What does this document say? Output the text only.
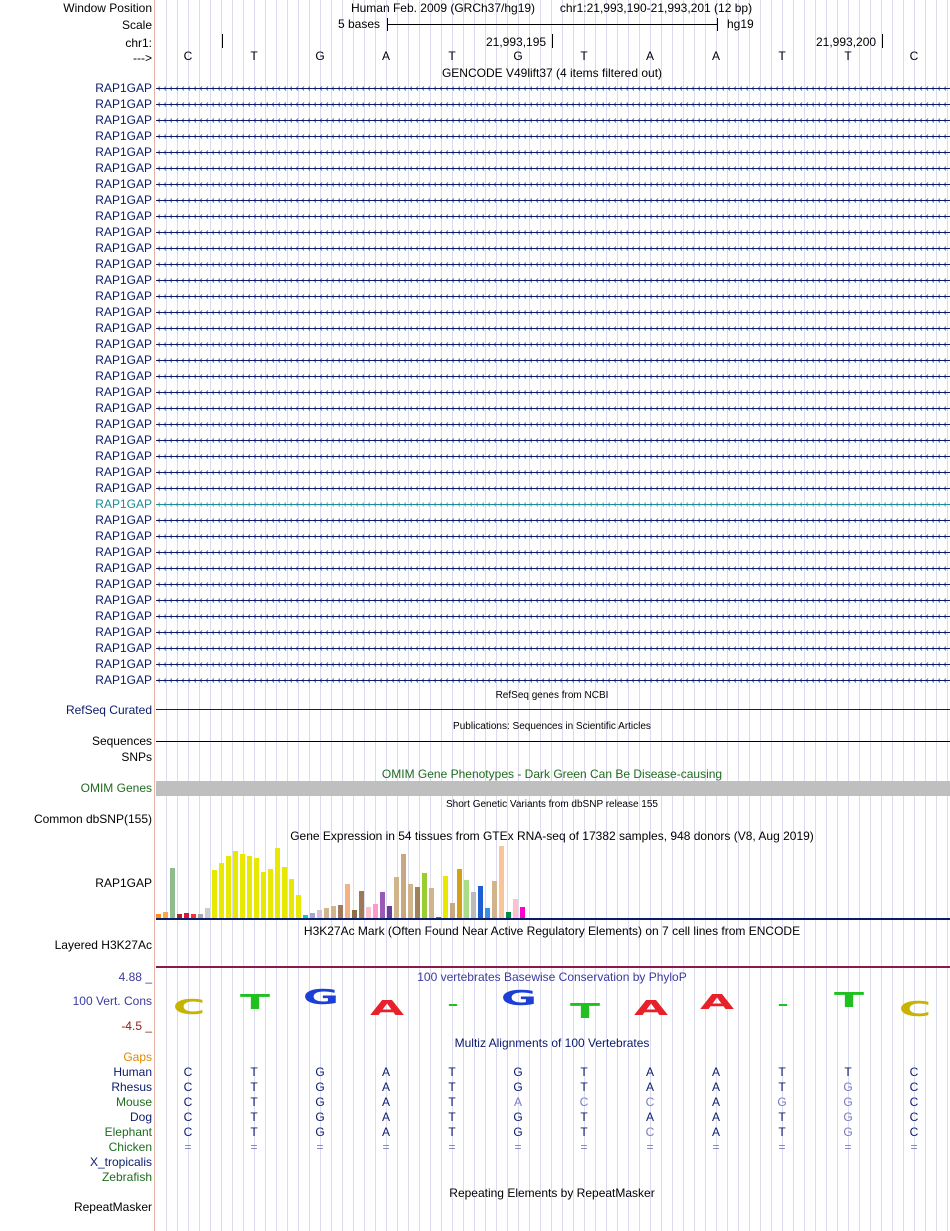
Window Position
Scale
chr1:
--->
Human Feb. 2009 (GRCh37/hg19) chr1:21,993,190-21,993,201 (12 bp)
5 bases	hg19
21,993,195	21,993,200
C	T	G	A	T	G	T	A	A	T	T	C
GENCODE V49lift37 (4 items filtered out)
RAP1GAP ‹ ‹ ‹ ‹ ‹ ‹ ‹ ‹ ‹ ‹ ‹ ‹ ‹ ‹ ‹ ‹ ‹ ‹ ‹ ‹ ‹ ‹ ‹ ‹ ‹ ‹ ‹ ‹ ‹ ‹ ‹ ‹ ‹ ‹ ‹ ‹ ‹ ‹ ‹ ‹ ‹ ‹ ‹ ‹ ‹ ‹ ‹ ‹ ‹ ‹ ‹ ‹ ‹ ‹ ‹ ‹ ‹ ‹ ‹ ‹ ‹ ‹ ‹ ‹ ‹ ‹ ‹ ‹ ‹ ‹ ‹ ‹ ‹ ‹ ‹ ‹ ‹ ‹ ‹ ‹ ‹ ‹ ‹ ‹ ‹ ‹ ‹ ‹ ‹ ‹ ‹ ‹ ‹ ‹ ‹ ‹ ‹ ‹ ‹ ‹ ‹ ‹ ‹ ‹ ‹ ‹ ‹ ‹ ‹ ‹ ‹ ‹ ‹ ‹ ‹ ‹ ‹ ‹ ‹ ‹ ‹ ‹ ‹ ‹ ‹ ‹ ‹ ‹ ‹ ‹ ‹ ‹
RAP1GAP ‹ ‹ ‹ ‹ ‹ ‹ ‹ ‹ ‹ ‹ ‹ ‹ ‹ ‹ ‹ ‹ ‹ ‹ ‹ ‹ ‹ ‹ ‹ ‹ ‹ ‹ ‹ ‹ ‹ ‹ ‹ ‹ ‹ ‹ ‹ ‹ ‹ ‹ ‹ ‹ ‹ ‹ ‹ ‹ ‹ ‹ ‹ ‹ ‹ ‹ ‹ ‹ ‹ ‹ ‹ ‹ ‹ ‹ ‹ ‹ ‹ ‹ ‹ ‹ ‹ ‹ ‹ ‹ ‹ ‹ ‹ ‹ ‹ ‹ ‹ ‹ ‹ ‹ ‹ ‹ ‹ ‹ ‹ ‹ ‹ ‹ ‹ ‹ ‹ ‹ ‹ ‹ ‹ ‹ ‹ ‹ ‹ ‹ ‹ ‹ ‹ ‹ ‹ ‹ ‹ ‹ ‹ ‹ ‹ ‹ ‹ ‹ ‹ ‹ ‹ ‹ ‹ ‹ ‹ ‹ ‹ ‹ ‹ ‹ ‹ ‹ ‹ ‹ ‹ ‹ ‹ ‹
RAP1GAP ‹ ‹ ‹ ‹ ‹ ‹ ‹ ‹ ‹ ‹ ‹ ‹ ‹ ‹ ‹ ‹ ‹ ‹ ‹ ‹ ‹ ‹ ‹ ‹ ‹ ‹ ‹ ‹ ‹ ‹ ‹ ‹ ‹ ‹ ‹ ‹ ‹ ‹ ‹ ‹ ‹ ‹ ‹ ‹ ‹ ‹ ‹ ‹ ‹ ‹ ‹ ‹ ‹ ‹ ‹ ‹ ‹ ‹ ‹ ‹ ‹ ‹ ‹ ‹ ‹ ‹ ‹ ‹ ‹ ‹ ‹ ‹ ‹ ‹ ‹ ‹ ‹ ‹ ‹ ‹ ‹ ‹ ‹ ‹ ‹ ‹ ‹ ‹ ‹ ‹ ‹ ‹ ‹ ‹ ‹ ‹ ‹ ‹ ‹ ‹ ‹ ‹ ‹ ‹ ‹ ‹ ‹ ‹ ‹ ‹ ‹ ‹ ‹ ‹ ‹ ‹ ‹ ‹ ‹ ‹ ‹ ‹ ‹ ‹ ‹ ‹ ‹ ‹ ‹ ‹ ‹ ‹
RAP1GAP ‹ ‹ ‹ ‹ ‹ ‹ ‹ ‹ ‹ ‹ ‹ ‹ ‹ ‹ ‹ ‹ ‹ ‹ ‹ ‹ ‹ ‹ ‹ ‹ ‹ ‹ ‹ ‹ ‹ ‹ ‹ ‹ ‹ ‹ ‹ ‹ ‹ ‹ ‹ ‹ ‹ ‹ ‹ ‹ ‹ ‹ ‹ ‹ ‹ ‹ ‹ ‹ ‹ ‹ ‹ ‹ ‹ ‹ ‹ ‹ ‹ ‹ ‹ ‹ ‹ ‹ ‹ ‹ ‹ ‹ ‹ ‹ ‹ ‹ ‹ ‹ ‹ ‹ ‹ ‹ ‹ ‹ ‹ ‹ ‹ ‹ ‹ ‹ ‹ ‹ ‹ ‹ ‹ ‹ ‹ ‹ ‹ ‹ ‹ ‹ ‹ ‹ ‹ ‹ ‹ ‹ ‹ ‹ ‹ ‹ ‹ ‹ ‹ ‹ ‹ ‹ ‹ ‹ ‹ ‹ ‹ ‹ ‹ ‹ ‹ ‹ ‹ ‹ ‹ ‹ ‹ ‹
RAP1GAP ‹ ‹ ‹ ‹ ‹ ‹ ‹ ‹ ‹ ‹ ‹ ‹ ‹ ‹ ‹ ‹ ‹ ‹ ‹ ‹ ‹ ‹ ‹ ‹ ‹ ‹ ‹ ‹ ‹ ‹ ‹ ‹ ‹ ‹ ‹ ‹ ‹ ‹ ‹ ‹ ‹ ‹ ‹ ‹ ‹ ‹ ‹ ‹ ‹ ‹ ‹ ‹ ‹ ‹ ‹ ‹ ‹ ‹ ‹ ‹ ‹ ‹ ‹ ‹ ‹ ‹ ‹ ‹ ‹ ‹ ‹ ‹ ‹ ‹ ‹ ‹ ‹ ‹ ‹ ‹ ‹ ‹ ‹ ‹ ‹ ‹ ‹ ‹ ‹ ‹ ‹ ‹ ‹ ‹ ‹ ‹ ‹ ‹ ‹ ‹ ‹ ‹ ‹ ‹ ‹ ‹ ‹ ‹ ‹ ‹ ‹ ‹ ‹ ‹ ‹ ‹ ‹ ‹ ‹ ‹ ‹ ‹ ‹ ‹ ‹ ‹ ‹ ‹ ‹ ‹ ‹ ‹
RAP1GAP ‹ ‹ ‹ ‹ ‹ ‹ ‹ ‹ ‹ ‹ ‹ ‹ ‹ ‹ ‹ ‹ ‹ ‹ ‹ ‹ ‹ ‹ ‹ ‹ ‹ ‹ ‹ ‹ ‹ ‹ ‹ ‹ ‹ ‹ ‹ ‹ ‹ ‹ ‹ ‹ ‹ ‹ ‹ ‹ ‹ ‹ ‹ ‹ ‹ ‹ ‹ ‹ ‹ ‹ ‹ ‹ ‹ ‹ ‹ ‹ ‹ ‹ ‹ ‹ ‹ ‹ ‹ ‹ ‹ ‹ ‹ ‹ ‹ ‹ ‹ ‹ ‹ ‹ ‹ ‹ ‹ ‹ ‹ ‹ ‹ ‹ ‹ ‹ ‹ ‹ ‹ ‹ ‹ ‹ ‹ ‹ ‹ ‹ ‹ ‹ ‹ ‹ ‹ ‹ ‹ ‹ ‹ ‹ ‹ ‹ ‹ ‹ ‹ ‹ ‹ ‹ ‹ ‹ ‹ ‹ ‹ ‹ ‹ ‹ ‹ ‹ ‹ ‹ ‹ ‹ ‹ ‹
RAP1GAP ‹ ‹ ‹ ‹ ‹ ‹ ‹ ‹ ‹ ‹ ‹ ‹ ‹ ‹ ‹ ‹ ‹ ‹ ‹ ‹ ‹ ‹ ‹ ‹ ‹ ‹ ‹ ‹ ‹ ‹ ‹ ‹ ‹ ‹ ‹ ‹ ‹ ‹ ‹ ‹ ‹ ‹ ‹ ‹ ‹ ‹ ‹ ‹ ‹ ‹ ‹ ‹ ‹ ‹ ‹ ‹ ‹ ‹ ‹ ‹ ‹ ‹ ‹ ‹ ‹ ‹ ‹ ‹ ‹ ‹ ‹ ‹ ‹ ‹ ‹ ‹ ‹ ‹ ‹ ‹ ‹ ‹ ‹ ‹ ‹ ‹ ‹ ‹ ‹ ‹ ‹ ‹ ‹ ‹ ‹ ‹ ‹ ‹ ‹ ‹ ‹ ‹ ‹ ‹ ‹ ‹ ‹ ‹ ‹ ‹ ‹ ‹ ‹ ‹ ‹ ‹ ‹ ‹ ‹ ‹ ‹ ‹ ‹ ‹ ‹ ‹ ‹ ‹ ‹ ‹ ‹ ‹
RAP1GAP ‹ ‹ ‹ ‹ ‹ ‹ ‹ ‹ ‹ ‹ ‹ ‹ ‹ ‹ ‹ ‹ ‹ ‹ ‹ ‹ ‹ ‹ ‹ ‹ ‹ ‹ ‹ ‹ ‹ ‹ ‹ ‹ ‹ ‹ ‹ ‹ ‹ ‹ ‹ ‹ ‹ ‹ ‹ ‹ ‹ ‹ ‹ ‹ ‹ ‹ ‹ ‹ ‹ ‹ ‹ ‹ ‹ ‹ ‹ ‹ ‹ ‹ ‹ ‹ ‹ ‹ ‹ ‹ ‹ ‹ ‹ ‹ ‹ ‹ ‹ ‹ ‹ ‹ ‹ ‹ ‹ ‹ ‹ ‹ ‹ ‹ ‹ ‹ ‹ ‹ ‹ ‹ ‹ ‹ ‹ ‹ ‹ ‹ ‹ ‹ ‹ ‹ ‹ ‹ ‹ ‹ ‹ ‹ ‹ ‹ ‹ ‹ ‹ ‹ ‹ ‹ ‹ ‹ ‹ ‹ ‹ ‹ ‹ ‹ ‹ ‹ ‹ ‹ ‹ ‹ ‹ ‹
RAP1GAP ‹ ‹ ‹ ‹ ‹ ‹ ‹ ‹ ‹ ‹ ‹ ‹ ‹ ‹ ‹ ‹ ‹ ‹ ‹ ‹ ‹ ‹ ‹ ‹ ‹ ‹ ‹ ‹ ‹ ‹ ‹ ‹ ‹ ‹ ‹ ‹ ‹ ‹ ‹ ‹ ‹ ‹ ‹ ‹ ‹ ‹ ‹ ‹ ‹ ‹ ‹ ‹ ‹ ‹ ‹ ‹ ‹ ‹ ‹ ‹ ‹ ‹ ‹ ‹ ‹ ‹ ‹ ‹ ‹ ‹ ‹ ‹ ‹ ‹ ‹ ‹ ‹ ‹ ‹ ‹ ‹ ‹ ‹ ‹ ‹ ‹ ‹ ‹ ‹ ‹ ‹ ‹ ‹ ‹ ‹ ‹ ‹ ‹ ‹ ‹ ‹ ‹ ‹ ‹ ‹ ‹ ‹ ‹ ‹ ‹ ‹ ‹ ‹ ‹ ‹ ‹ ‹ ‹ ‹ ‹ ‹ ‹ ‹ ‹ ‹ ‹ ‹ ‹ ‹ ‹ ‹ ‹
RAP1GAP ‹ ‹ ‹ ‹ ‹ ‹ ‹ ‹ ‹ ‹ ‹ ‹ ‹ ‹ ‹ ‹ ‹ ‹ ‹ ‹ ‹ ‹ ‹ ‹ ‹ ‹ ‹ ‹ ‹ ‹ ‹ ‹ ‹ ‹ ‹ ‹ ‹ ‹ ‹ ‹ ‹ ‹ ‹ ‹ ‹ ‹ ‹ ‹ ‹ ‹ ‹ ‹ ‹ ‹ ‹ ‹ ‹ ‹ ‹ ‹ ‹ ‹ ‹ ‹ ‹ ‹ ‹ ‹ ‹ ‹ ‹ ‹ ‹ ‹ ‹ ‹ ‹ ‹ ‹ ‹ ‹ ‹ ‹ ‹ ‹ ‹ ‹ ‹ ‹ ‹ ‹ ‹ ‹ ‹ ‹ ‹ ‹ ‹ ‹ ‹ ‹ ‹ ‹ ‹ ‹ ‹ ‹ ‹ ‹ ‹ ‹ ‹ ‹ ‹ ‹ ‹ ‹ ‹ ‹ ‹ ‹ ‹ ‹ ‹ ‹ ‹ ‹ ‹ ‹ ‹ ‹ ‹
RAP1GAP ‹ ‹ ‹ ‹ ‹ ‹ ‹ ‹ ‹ ‹ ‹ ‹ ‹ ‹ ‹ ‹ ‹ ‹ ‹ ‹ ‹ ‹ ‹ ‹ ‹ ‹ ‹ ‹ ‹ ‹ ‹ ‹ ‹ ‹ ‹ ‹ ‹ ‹ ‹ ‹ ‹ ‹ ‹ ‹ ‹ ‹ ‹ ‹ ‹ ‹ ‹ ‹ ‹ ‹ ‹ ‹ ‹ ‹ ‹ ‹ ‹ ‹ ‹ ‹ ‹ ‹ ‹ ‹ ‹ ‹ ‹ ‹ ‹ ‹ ‹ ‹ ‹ ‹ ‹ ‹ ‹ ‹ ‹ ‹ ‹ ‹ ‹ ‹ ‹ ‹ ‹ ‹ ‹ ‹ ‹ ‹ ‹ ‹ ‹ ‹ ‹ ‹ ‹ ‹ ‹ ‹ ‹ ‹ ‹ ‹ ‹ ‹ ‹ ‹ ‹ ‹ ‹ ‹ ‹ ‹ ‹ ‹ ‹ ‹ ‹ ‹ ‹ ‹ ‹ ‹ ‹ ‹
RAP1GAP ‹ ‹ ‹ ‹ ‹ ‹ ‹ ‹ ‹ ‹ ‹ ‹ ‹ ‹ ‹ ‹ ‹ ‹ ‹ ‹ ‹ ‹ ‹ ‹ ‹ ‹ ‹ ‹ ‹ ‹ ‹ ‹ ‹ ‹ ‹ ‹ ‹ ‹ ‹ ‹ ‹ ‹ ‹ ‹ ‹ ‹ ‹ ‹ ‹ ‹ ‹ ‹ ‹ ‹ ‹ ‹ ‹ ‹ ‹ ‹ ‹ ‹ ‹ ‹ ‹ ‹ ‹ ‹ ‹ ‹ ‹ ‹ ‹ ‹ ‹ ‹ ‹ ‹ ‹ ‹ ‹ ‹ ‹ ‹ ‹ ‹ ‹ ‹ ‹ ‹ ‹ ‹ ‹ ‹ ‹ ‹ ‹ ‹ ‹ ‹ ‹ ‹ ‹ ‹ ‹ ‹ ‹ ‹ ‹ ‹ ‹ ‹ ‹ ‹ ‹ ‹ ‹ ‹ ‹ ‹ ‹ ‹ ‹ ‹ ‹ ‹ ‹ ‹ ‹ ‹ ‹ ‹
RAP1GAP ‹ ‹ ‹ ‹ ‹ ‹ ‹ ‹ ‹ ‹ ‹ ‹ ‹ ‹ ‹ ‹ ‹ ‹ ‹ ‹ ‹ ‹ ‹ ‹ ‹ ‹ ‹ ‹ ‹ ‹ ‹ ‹ ‹ ‹ ‹ ‹ ‹ ‹ ‹ ‹ ‹ ‹ ‹ ‹ ‹ ‹ ‹ ‹ ‹ ‹ ‹ ‹ ‹ ‹ ‹ ‹ ‹ ‹ ‹ ‹ ‹ ‹ ‹ ‹ ‹ ‹ ‹ ‹ ‹ ‹ ‹ ‹ ‹ ‹ ‹ ‹ ‹ ‹ ‹ ‹ ‹ ‹ ‹ ‹ ‹ ‹ ‹ ‹ ‹ ‹ ‹ ‹ ‹ ‹ ‹ ‹ ‹ ‹ ‹ ‹ ‹ ‹ ‹ ‹ ‹ ‹ ‹ ‹ ‹ ‹ ‹ ‹ ‹ ‹ ‹ ‹ ‹ ‹ ‹ ‹ ‹ ‹ ‹ ‹ ‹ ‹ ‹ ‹ ‹ ‹ ‹ ‹
RAP1GAP ‹ ‹ ‹ ‹ ‹ ‹ ‹ ‹ ‹ ‹ ‹ ‹ ‹ ‹ ‹ ‹ ‹ ‹ ‹ ‹ ‹ ‹ ‹ ‹ ‹ ‹ ‹ ‹ ‹ ‹ ‹ ‹ ‹ ‹ ‹ ‹ ‹ ‹ ‹ ‹ ‹ ‹ ‹ ‹ ‹ ‹ ‹ ‹ ‹ ‹ ‹ ‹ ‹ ‹ ‹ ‹ ‹ ‹ ‹ ‹ ‹ ‹ ‹ ‹ ‹ ‹ ‹ ‹ ‹ ‹ ‹ ‹ ‹ ‹ ‹ ‹ ‹ ‹ ‹ ‹ ‹ ‹ ‹ ‹ ‹ ‹ ‹ ‹ ‹ ‹ ‹ ‹ ‹ ‹ ‹ ‹ ‹ ‹ ‹ ‹ ‹ ‹ ‹ ‹ ‹ ‹ ‹ ‹ ‹ ‹ ‹ ‹ ‹ ‹ ‹ ‹ ‹ ‹ ‹ ‹ ‹ ‹ ‹ ‹ ‹ ‹ ‹ ‹ ‹ ‹ ‹ ‹
RAP1GAP ‹ ‹ ‹ ‹ ‹ ‹ ‹ ‹ ‹ ‹ ‹ ‹ ‹ ‹ ‹ ‹ ‹ ‹ ‹ ‹ ‹ ‹ ‹ ‹ ‹ ‹ ‹ ‹ ‹ ‹ ‹ ‹ ‹ ‹ ‹ ‹ ‹ ‹ ‹ ‹ ‹ ‹ ‹ ‹ ‹ ‹ ‹ ‹ ‹ ‹ ‹ ‹ ‹ ‹ ‹ ‹ ‹ ‹ ‹ ‹ ‹ ‹ ‹ ‹ ‹ ‹ ‹ ‹ ‹ ‹ ‹ ‹ ‹ ‹ ‹ ‹ ‹ ‹ ‹ ‹ ‹ ‹ ‹ ‹ ‹ ‹ ‹ ‹ ‹ ‹ ‹ ‹ ‹ ‹ ‹ ‹ ‹ ‹ ‹ ‹ ‹ ‹ ‹ ‹ ‹ ‹ ‹ ‹ ‹ ‹ ‹ ‹ ‹ ‹ ‹ ‹ ‹ ‹ ‹ ‹ ‹ ‹ ‹ ‹ ‹ ‹ ‹ ‹ ‹ ‹ ‹ ‹
RAP1GAP ‹ ‹ ‹ ‹ ‹ ‹ ‹ ‹ ‹ ‹ ‹ ‹ ‹ ‹ ‹ ‹ ‹ ‹ ‹ ‹ ‹ ‹ ‹ ‹ ‹ ‹ ‹ ‹ ‹ ‹ ‹ ‹ ‹ ‹ ‹ ‹ ‹ ‹ ‹ ‹ ‹ ‹ ‹ ‹ ‹ ‹ ‹ ‹ ‹ ‹ ‹ ‹ ‹ ‹ ‹ ‹ ‹ ‹ ‹ ‹ ‹ ‹ ‹ ‹ ‹ ‹ ‹ ‹ ‹ ‹ ‹ ‹ ‹ ‹ ‹ ‹ ‹ ‹ ‹ ‹ ‹ ‹ ‹ ‹ ‹ ‹ ‹ ‹ ‹ ‹ ‹ ‹ ‹ ‹ ‹ ‹ ‹ ‹ ‹ ‹ ‹ ‹ ‹ ‹ ‹ ‹ ‹ ‹ ‹ ‹ ‹ ‹ ‹ ‹ ‹ ‹ ‹ ‹ ‹ ‹ ‹ ‹ ‹ ‹ ‹ ‹ ‹ ‹ ‹ ‹ ‹ ‹
RAP1GAP ‹ ‹ ‹ ‹ ‹ ‹ ‹ ‹ ‹ ‹ ‹ ‹ ‹ ‹ ‹ ‹ ‹ ‹ ‹ ‹ ‹ ‹ ‹ ‹ ‹ ‹ ‹ ‹ ‹ ‹ ‹ ‹ ‹ ‹ ‹ ‹ ‹ ‹ ‹ ‹ ‹ ‹ ‹ ‹ ‹ ‹ ‹ ‹ ‹ ‹ ‹ ‹ ‹ ‹ ‹ ‹ ‹ ‹ ‹ ‹ ‹ ‹ ‹ ‹ ‹ ‹ ‹ ‹ ‹ ‹ ‹ ‹ ‹ ‹ ‹ ‹ ‹ ‹ ‹ ‹ ‹ ‹ ‹ ‹ ‹ ‹ ‹ ‹ ‹ ‹ ‹ ‹ ‹ ‹ ‹ ‹ ‹ ‹ ‹ ‹ ‹ ‹ ‹ ‹ ‹ ‹ ‹ ‹ ‹ ‹ ‹ ‹ ‹ ‹ ‹ ‹ ‹ ‹ ‹ ‹ ‹ ‹ ‹ ‹ ‹ ‹ ‹ ‹ ‹ ‹ ‹ ‹
RAP1GAP ‹ ‹ ‹ ‹ ‹ ‹ ‹ ‹ ‹ ‹ ‹ ‹ ‹ ‹ ‹ ‹ ‹ ‹ ‹ ‹ ‹ ‹ ‹ ‹ ‹ ‹ ‹ ‹ ‹ ‹ ‹ ‹ ‹ ‹ ‹ ‹ ‹ ‹ ‹ ‹ ‹ ‹ ‹ ‹ ‹ ‹ ‹ ‹ ‹ ‹ ‹ ‹ ‹ ‹ ‹ ‹ ‹ ‹ ‹ ‹ ‹ ‹ ‹ ‹ ‹ ‹ ‹ ‹ ‹ ‹ ‹ ‹ ‹ ‹ ‹ ‹ ‹ ‹ ‹ ‹ ‹ ‹ ‹ ‹ ‹ ‹ ‹ ‹ ‹ ‹ ‹ ‹ ‹ ‹ ‹ ‹ ‹ ‹ ‹ ‹ ‹ ‹ ‹ ‹ ‹ ‹ ‹ ‹ ‹ ‹ ‹ ‹ ‹ ‹ ‹ ‹ ‹ ‹ ‹ ‹ ‹ ‹ ‹ ‹ ‹ ‹ ‹ ‹ ‹ ‹ ‹ ‹
RAP1GAP ‹ ‹ ‹ ‹ ‹ ‹ ‹ ‹ ‹ ‹ ‹ ‹ ‹ ‹ ‹ ‹ ‹ ‹ ‹ ‹ ‹ ‹ ‹ ‹ ‹ ‹ ‹ ‹ ‹ ‹ ‹ ‹ ‹ ‹ ‹ ‹ ‹ ‹ ‹ ‹ ‹ ‹ ‹ ‹ ‹ ‹ ‹ ‹ ‹ ‹ ‹ ‹ ‹ ‹ ‹ ‹ ‹ ‹ ‹ ‹ ‹ ‹ ‹ ‹ ‹ ‹ ‹ ‹ ‹ ‹ ‹ ‹ ‹ ‹ ‹ ‹ ‹ ‹ ‹ ‹ ‹ ‹ ‹ ‹ ‹ ‹ ‹ ‹ ‹ ‹ ‹ ‹ ‹ ‹ ‹ ‹ ‹ ‹ ‹ ‹ ‹ ‹ ‹ ‹ ‹ ‹ ‹ ‹ ‹ ‹ ‹ ‹ ‹ ‹ ‹ ‹ ‹ ‹ ‹ ‹ ‹ ‹ ‹ ‹ ‹ ‹ ‹ ‹ ‹ ‹ ‹ ‹
RAP1GAP ‹ ‹ ‹ ‹ ‹ ‹ ‹ ‹ ‹ ‹ ‹ ‹ ‹ ‹ ‹ ‹ ‹ ‹ ‹ ‹ ‹ ‹ ‹ ‹ ‹ ‹ ‹ ‹ ‹ ‹ ‹ ‹ ‹ ‹ ‹ ‹ ‹ ‹ ‹ ‹ ‹ ‹ ‹ ‹ ‹ ‹ ‹ ‹ ‹ ‹ ‹ ‹ ‹ ‹ ‹ ‹ ‹ ‹ ‹ ‹ ‹ ‹ ‹ ‹ ‹ ‹ ‹ ‹ ‹ ‹ ‹ ‹ ‹ ‹ ‹ ‹ ‹ ‹ ‹ ‹ ‹ ‹ ‹ ‹ ‹ ‹ ‹ ‹ ‹ ‹ ‹ ‹ ‹ ‹ ‹ ‹ ‹ ‹ ‹ ‹ ‹ ‹ ‹ ‹ ‹ ‹ ‹ ‹ ‹ ‹ ‹ ‹ ‹ ‹ ‹ ‹ ‹ ‹ ‹ ‹ ‹ ‹ ‹ ‹ ‹ ‹ ‹ ‹ ‹ ‹ ‹ ‹
RAP1GAP ‹ ‹ ‹ ‹ ‹ ‹ ‹ ‹ ‹ ‹ ‹ ‹ ‹ ‹ ‹ ‹ ‹ ‹ ‹ ‹ ‹ ‹ ‹ ‹ ‹ ‹ ‹ ‹ ‹ ‹ ‹ ‹ ‹ ‹ ‹ ‹ ‹ ‹ ‹ ‹ ‹ ‹ ‹ ‹ ‹ ‹ ‹ ‹ ‹ ‹ ‹ ‹ ‹ ‹ ‹ ‹ ‹ ‹ ‹ ‹ ‹ ‹ ‹ ‹ ‹ ‹ ‹ ‹ ‹ ‹ ‹ ‹ ‹ ‹ ‹ ‹ ‹ ‹ ‹ ‹ ‹ ‹ ‹ ‹ ‹ ‹ ‹ ‹ ‹ ‹ ‹ ‹ ‹ ‹ ‹ ‹ ‹ ‹ ‹ ‹ ‹ ‹ ‹ ‹ ‹ ‹ ‹ ‹ ‹ ‹ ‹ ‹ ‹ ‹ ‹ ‹ ‹ ‹ ‹ ‹ ‹ ‹ ‹ ‹ ‹ ‹ ‹ ‹ ‹ ‹ ‹ ‹
RAP1GAP ‹ ‹ ‹ ‹ ‹ ‹ ‹ ‹ ‹ ‹ ‹ ‹ ‹ ‹ ‹ ‹ ‹ ‹ ‹ ‹ ‹ ‹ ‹ ‹ ‹ ‹ ‹ ‹ ‹ ‹ ‹ ‹ ‹ ‹ ‹ ‹ ‹ ‹ ‹ ‹ ‹ ‹ ‹ ‹ ‹ ‹ ‹ ‹ ‹ ‹ ‹ ‹ ‹ ‹ ‹ ‹ ‹ ‹ ‹ ‹ ‹ ‹ ‹ ‹ ‹ ‹ ‹ ‹ ‹ ‹ ‹ ‹ ‹ ‹ ‹ ‹ ‹ ‹ ‹ ‹ ‹ ‹ ‹ ‹ ‹ ‹ ‹ ‹ ‹ ‹ ‹ ‹ ‹ ‹ ‹ ‹ ‹ ‹ ‹ ‹ ‹ ‹ ‹ ‹ ‹ ‹ ‹ ‹ ‹ ‹ ‹ ‹ ‹ ‹ ‹ ‹ ‹ ‹ ‹ ‹ ‹ ‹ ‹ ‹ ‹ ‹ ‹ ‹ ‹ ‹ ‹ ‹
RAP1GAP ‹ ‹ ‹ ‹ ‹ ‹ ‹ ‹ ‹ ‹ ‹ ‹ ‹ ‹ ‹ ‹ ‹ ‹ ‹ ‹ ‹ ‹ ‹ ‹ ‹ ‹ ‹ ‹ ‹ ‹ ‹ ‹ ‹ ‹ ‹ ‹ ‹ ‹ ‹ ‹ ‹ ‹ ‹ ‹ ‹ ‹ ‹ ‹ ‹ ‹ ‹ ‹ ‹ ‹ ‹ ‹ ‹ ‹ ‹ ‹ ‹ ‹ ‹ ‹ ‹ ‹ ‹ ‹ ‹ ‹ ‹ ‹ ‹ ‹ ‹ ‹ ‹ ‹ ‹ ‹ ‹ ‹ ‹ ‹ ‹ ‹ ‹ ‹ ‹ ‹ ‹ ‹ ‹ ‹ ‹ ‹ ‹ ‹ ‹ ‹ ‹ ‹ ‹ ‹ ‹ ‹ ‹ ‹ ‹ ‹ ‹ ‹ ‹ ‹ ‹ ‹ ‹ ‹ ‹ ‹ ‹ ‹ ‹ ‹ ‹ ‹ ‹ ‹ ‹ ‹ ‹ ‹
RAP1GAP ‹ ‹ ‹ ‹ ‹ ‹ ‹ ‹ ‹ ‹ ‹ ‹ ‹ ‹ ‹ ‹ ‹ ‹ ‹ ‹ ‹ ‹ ‹ ‹ ‹ ‹ ‹ ‹ ‹ ‹ ‹ ‹ ‹ ‹ ‹ ‹ ‹ ‹ ‹ ‹ ‹ ‹ ‹ ‹ ‹ ‹ ‹ ‹ ‹ ‹ ‹ ‹ ‹ ‹ ‹ ‹ ‹ ‹ ‹ ‹ ‹ ‹ ‹ ‹ ‹ ‹ ‹ ‹ ‹ ‹ ‹ ‹ ‹ ‹ ‹ ‹ ‹ ‹ ‹ ‹ ‹ ‹ ‹ ‹ ‹ ‹ ‹ ‹ ‹ ‹ ‹ ‹ ‹ ‹ ‹ ‹ ‹ ‹ ‹ ‹ ‹ ‹ ‹ ‹ ‹ ‹ ‹ ‹ ‹ ‹ ‹ ‹ ‹ ‹ ‹ ‹ ‹ ‹ ‹ ‹ ‹ ‹ ‹ ‹ ‹ ‹ ‹ ‹ ‹ ‹ ‹ ‹
RAP1GAP ‹ ‹ ‹ ‹ ‹ ‹ ‹ ‹ ‹ ‹ ‹ ‹ ‹ ‹ ‹ ‹ ‹ ‹ ‹ ‹ ‹ ‹ ‹ ‹ ‹ ‹ ‹ ‹ ‹ ‹ ‹ ‹ ‹ ‹ ‹ ‹ ‹ ‹ ‹ ‹ ‹ ‹ ‹ ‹ ‹ ‹ ‹ ‹ ‹ ‹ ‹ ‹ ‹ ‹ ‹ ‹ ‹ ‹ ‹ ‹ ‹ ‹ ‹ ‹ ‹ ‹ ‹ ‹ ‹ ‹ ‹ ‹ ‹ ‹ ‹ ‹ ‹ ‹ ‹ ‹ ‹ ‹ ‹ ‹ ‹ ‹ ‹ ‹ ‹ ‹ ‹ ‹ ‹ ‹ ‹ ‹ ‹ ‹ ‹ ‹ ‹ ‹ ‹ ‹ ‹ ‹ ‹ ‹ ‹ ‹ ‹ ‹ ‹ ‹ ‹ ‹ ‹ ‹ ‹ ‹ ‹ ‹ ‹ ‹ ‹ ‹ ‹ ‹ ‹ ‹ ‹ ‹
RAP1GAP ‹ ‹ ‹ ‹ ‹ ‹ ‹ ‹ ‹ ‹ ‹ ‹ ‹ ‹ ‹ ‹ ‹ ‹ ‹ ‹ ‹ ‹ ‹ ‹ ‹ ‹ ‹ ‹ ‹ ‹ ‹ ‹ ‹ ‹ ‹ ‹ ‹ ‹ ‹ ‹ ‹ ‹ ‹ ‹ ‹ ‹ ‹ ‹ ‹ ‹ ‹ ‹ ‹ ‹ ‹ ‹ ‹ ‹ ‹ ‹ ‹ ‹ ‹ ‹ ‹ ‹ ‹ ‹ ‹ ‹ ‹ ‹ ‹ ‹ ‹ ‹ ‹ ‹ ‹ ‹ ‹ ‹ ‹ ‹ ‹ ‹ ‹ ‹ ‹ ‹ ‹ ‹ ‹ ‹ ‹ ‹ ‹ ‹ ‹ ‹ ‹ ‹ ‹ ‹ ‹ ‹ ‹ ‹ ‹ ‹ ‹ ‹ ‹ ‹ ‹ ‹ ‹ ‹ ‹ ‹ ‹ ‹ ‹ ‹ ‹ ‹ ‹ ‹ ‹ ‹ ‹ ‹
RAP1GAP ‹ ‹ ‹ ‹ ‹ ‹ ‹ ‹ ‹ ‹ ‹ ‹ ‹ ‹ ‹ ‹ ‹ ‹ ‹ ‹ ‹ ‹ ‹ ‹ ‹ ‹ ‹ ‹ ‹ ‹ ‹ ‹ ‹ ‹ ‹ ‹ ‹ ‹ ‹ ‹ ‹ ‹ ‹ ‹ ‹ ‹ ‹ ‹ ‹ ‹ ‹ ‹ ‹ ‹ ‹ ‹ ‹ ‹ ‹ ‹ ‹ ‹ ‹ ‹ ‹ ‹ ‹ ‹ ‹ ‹ ‹ ‹ ‹ ‹ ‹ ‹ ‹ ‹ ‹ ‹ ‹ ‹ ‹ ‹ ‹ ‹ ‹ ‹ ‹ ‹ ‹ ‹ ‹ ‹ ‹ ‹ ‹ ‹ ‹ ‹ ‹ ‹ ‹ ‹ ‹ ‹ ‹ ‹ ‹ ‹ ‹ ‹ ‹ ‹ ‹ ‹ ‹ ‹ ‹ ‹ ‹ ‹ ‹ ‹ ‹ ‹ ‹ ‹ ‹ ‹ ‹ ‹
RAP1GAP ‹ ‹ ‹ ‹ ‹ ‹ ‹ ‹ ‹ ‹ ‹ ‹ ‹ ‹ ‹ ‹ ‹ ‹ ‹ ‹ ‹ ‹ ‹ ‹ ‹ ‹ ‹ ‹ ‹ ‹ ‹ ‹ ‹ ‹ ‹ ‹ ‹ ‹ ‹ ‹ ‹ ‹ ‹ ‹ ‹ ‹ ‹ ‹ ‹ ‹ ‹ ‹ ‹ ‹ ‹ ‹ ‹ ‹ ‹ ‹ ‹ ‹ ‹ ‹ ‹ ‹ ‹ ‹ ‹ ‹ ‹ ‹ ‹ ‹ ‹ ‹ ‹ ‹ ‹ ‹ ‹ ‹ ‹ ‹ ‹ ‹ ‹ ‹ ‹ ‹ ‹ ‹ ‹ ‹ ‹ ‹ ‹ ‹ ‹ ‹ ‹ ‹ ‹ ‹ ‹ ‹ ‹ ‹ ‹ ‹ ‹ ‹ ‹ ‹ ‹ ‹ ‹ ‹ ‹ ‹ ‹ ‹ ‹ ‹ ‹ ‹ ‹ ‹ ‹ ‹ ‹ ‹
RAP1GAP ‹ ‹ ‹ ‹ ‹ ‹ ‹ ‹ ‹ ‹ ‹ ‹ ‹ ‹ ‹ ‹ ‹ ‹ ‹ ‹ ‹ ‹ ‹ ‹ ‹ ‹ ‹ ‹ ‹ ‹ ‹ ‹ ‹ ‹ ‹ ‹ ‹ ‹ ‹ ‹ ‹ ‹ ‹ ‹ ‹ ‹ ‹ ‹ ‹ ‹ ‹ ‹ ‹ ‹ ‹ ‹ ‹ ‹ ‹ ‹ ‹ ‹ ‹ ‹ ‹ ‹ ‹ ‹ ‹ ‹ ‹ ‹ ‹ ‹ ‹ ‹ ‹ ‹ ‹ ‹ ‹ ‹ ‹ ‹ ‹ ‹ ‹ ‹ ‹ ‹ ‹ ‹ ‹ ‹ ‹ ‹ ‹ ‹ ‹ ‹ ‹ ‹ ‹ ‹ ‹ ‹ ‹ ‹ ‹ ‹ ‹ ‹ ‹ ‹ ‹ ‹ ‹ ‹ ‹ ‹ ‹ ‹ ‹ ‹ ‹ ‹ ‹ ‹ ‹ ‹ ‹ ‹
RAP1GAP ‹ ‹ ‹ ‹ ‹ ‹ ‹ ‹ ‹ ‹ ‹ ‹ ‹ ‹ ‹ ‹ ‹ ‹ ‹ ‹ ‹ ‹ ‹ ‹ ‹ ‹ ‹ ‹ ‹ ‹ ‹ ‹ ‹ ‹ ‹ ‹ ‹ ‹ ‹ ‹ ‹ ‹ ‹ ‹ ‹ ‹ ‹ ‹ ‹ ‹ ‹ ‹ ‹ ‹ ‹ ‹ ‹ ‹ ‹ ‹ ‹ ‹ ‹ ‹ ‹ ‹ ‹ ‹ ‹ ‹ ‹ ‹ ‹ ‹ ‹ ‹ ‹ ‹ ‹ ‹ ‹ ‹ ‹ ‹ ‹ ‹ ‹ ‹ ‹ ‹ ‹ ‹ ‹ ‹ ‹ ‹ ‹ ‹ ‹ ‹ ‹ ‹ ‹ ‹ ‹ ‹ ‹ ‹ ‹ ‹ ‹ ‹ ‹ ‹ ‹ ‹ ‹ ‹ ‹ ‹ ‹ ‹ ‹ ‹ ‹ ‹ ‹ ‹ ‹ ‹ ‹ ‹
RAP1GAP ‹ ‹ ‹ ‹ ‹ ‹ ‹ ‹ ‹ ‹ ‹ ‹ ‹ ‹ ‹ ‹ ‹ ‹ ‹ ‹ ‹ ‹ ‹ ‹ ‹ ‹ ‹ ‹ ‹ ‹ ‹ ‹ ‹ ‹ ‹ ‹ ‹ ‹ ‹ ‹ ‹ ‹ ‹ ‹ ‹ ‹ ‹ ‹ ‹ ‹ ‹ ‹ ‹ ‹ ‹ ‹ ‹ ‹ ‹ ‹ ‹ ‹ ‹ ‹ ‹ ‹ ‹ ‹ ‹ ‹ ‹ ‹ ‹ ‹ ‹ ‹ ‹ ‹ ‹ ‹ ‹ ‹ ‹ ‹ ‹ ‹ ‹ ‹ ‹ ‹ ‹ ‹ ‹ ‹ ‹ ‹ ‹ ‹ ‹ ‹ ‹ ‹ ‹ ‹ ‹ ‹ ‹ ‹ ‹ ‹ ‹ ‹ ‹ ‹ ‹ ‹ ‹ ‹ ‹ ‹ ‹ ‹ ‹ ‹ ‹ ‹ ‹ ‹ ‹ ‹ ‹ ‹
RAP1GAP ‹ ‹ ‹ ‹ ‹ ‹ ‹ ‹ ‹ ‹ ‹ ‹ ‹ ‹ ‹ ‹ ‹ ‹ ‹ ‹ ‹ ‹ ‹ ‹ ‹ ‹ ‹ ‹ ‹ ‹ ‹ ‹ ‹ ‹ ‹ ‹ ‹ ‹ ‹ ‹ ‹ ‹ ‹ ‹ ‹ ‹ ‹ ‹ ‹ ‹ ‹ ‹ ‹ ‹ ‹ ‹ ‹ ‹ ‹ ‹ ‹ ‹ ‹ ‹ ‹ ‹ ‹ ‹ ‹ ‹ ‹ ‹ ‹ ‹ ‹ ‹ ‹ ‹ ‹ ‹ ‹ ‹ ‹ ‹ ‹ ‹ ‹ ‹ ‹ ‹ ‹ ‹ ‹ ‹ ‹ ‹ ‹ ‹ ‹ ‹ ‹ ‹ ‹ ‹ ‹ ‹ ‹ ‹ ‹ ‹ ‹ ‹ ‹ ‹ ‹ ‹ ‹ ‹ ‹ ‹ ‹ ‹ ‹ ‹ ‹ ‹ ‹ ‹ ‹ ‹ ‹ ‹
RAP1GAP ‹ ‹ ‹ ‹ ‹ ‹ ‹ ‹ ‹ ‹ ‹ ‹ ‹ ‹ ‹ ‹ ‹ ‹ ‹ ‹ ‹ ‹ ‹ ‹ ‹ ‹ ‹ ‹ ‹ ‹ ‹ ‹ ‹ ‹ ‹ ‹ ‹ ‹ ‹ ‹ ‹ ‹ ‹ ‹ ‹ ‹ ‹ ‹ ‹ ‹ ‹ ‹ ‹ ‹ ‹ ‹ ‹ ‹ ‹ ‹ ‹ ‹ ‹ ‹ ‹ ‹ ‹ ‹ ‹ ‹ ‹ ‹ ‹ ‹ ‹ ‹ ‹ ‹ ‹ ‹ ‹ ‹ ‹ ‹ ‹ ‹ ‹ ‹ ‹ ‹ ‹ ‹ ‹ ‹ ‹ ‹ ‹ ‹ ‹ ‹ ‹ ‹ ‹ ‹ ‹ ‹ ‹ ‹ ‹ ‹ ‹ ‹ ‹ ‹ ‹ ‹ ‹ ‹ ‹ ‹ ‹ ‹ ‹ ‹ ‹ ‹ ‹ ‹ ‹ ‹ ‹ ‹
RAP1GAP ‹ ‹ ‹ ‹ ‹ ‹ ‹ ‹ ‹ ‹ ‹ ‹ ‹ ‹ ‹ ‹ ‹ ‹ ‹ ‹ ‹ ‹ ‹ ‹ ‹ ‹ ‹ ‹ ‹ ‹ ‹ ‹ ‹ ‹ ‹ ‹ ‹ ‹ ‹ ‹ ‹ ‹ ‹ ‹ ‹ ‹ ‹ ‹ ‹ ‹ ‹ ‹ ‹ ‹ ‹ ‹ ‹ ‹ ‹ ‹ ‹ ‹ ‹ ‹ ‹ ‹ ‹ ‹ ‹ ‹ ‹ ‹ ‹ ‹ ‹ ‹ ‹ ‹ ‹ ‹ ‹ ‹ ‹ ‹ ‹ ‹ ‹ ‹ ‹ ‹ ‹ ‹ ‹ ‹ ‹ ‹ ‹ ‹ ‹ ‹ ‹ ‹ ‹ ‹ ‹ ‹ ‹ ‹ ‹ ‹ ‹ ‹ ‹ ‹ ‹ ‹ ‹ ‹ ‹ ‹ ‹ ‹ ‹ ‹ ‹ ‹ ‹ ‹ ‹ ‹ ‹ ‹
RAP1GAP ‹ ‹ ‹ ‹ ‹ ‹ ‹ ‹ ‹ ‹ ‹ ‹ ‹ ‹ ‹ ‹ ‹ ‹ ‹ ‹ ‹ ‹ ‹ ‹ ‹ ‹ ‹ ‹ ‹ ‹ ‹ ‹ ‹ ‹ ‹ ‹ ‹ ‹ ‹ ‹ ‹ ‹ ‹ ‹ ‹ ‹ ‹ ‹ ‹ ‹ ‹ ‹ ‹ ‹ ‹ ‹ ‹ ‹ ‹ ‹ ‹ ‹ ‹ ‹ ‹ ‹ ‹ ‹ ‹ ‹ ‹ ‹ ‹ ‹ ‹ ‹ ‹ ‹ ‹ ‹ ‹ ‹ ‹ ‹ ‹ ‹ ‹ ‹ ‹ ‹ ‹ ‹ ‹ ‹ ‹ ‹ ‹ ‹ ‹ ‹ ‹ ‹ ‹ ‹ ‹ ‹ ‹ ‹ ‹ ‹ ‹ ‹ ‹ ‹ ‹ ‹ ‹ ‹ ‹ ‹ ‹ ‹ ‹ ‹ ‹ ‹ ‹ ‹ ‹ ‹ ‹ ‹
RAP1GAP ‹ ‹ ‹ ‹ ‹ ‹ ‹ ‹ ‹ ‹ ‹ ‹ ‹ ‹ ‹ ‹ ‹ ‹ ‹ ‹ ‹ ‹ ‹ ‹ ‹ ‹ ‹ ‹ ‹ ‹ ‹ ‹ ‹ ‹ ‹ ‹ ‹ ‹ ‹ ‹ ‹ ‹ ‹ ‹ ‹ ‹ ‹ ‹ ‹ ‹ ‹ ‹ ‹ ‹ ‹ ‹ ‹ ‹ ‹ ‹ ‹ ‹ ‹ ‹ ‹ ‹ ‹ ‹ ‹ ‹ ‹ ‹ ‹ ‹ ‹ ‹ ‹ ‹ ‹ ‹ ‹ ‹ ‹ ‹ ‹ ‹ ‹ ‹ ‹ ‹ ‹ ‹ ‹ ‹ ‹ ‹ ‹ ‹ ‹ ‹ ‹ ‹ ‹ ‹ ‹ ‹ ‹ ‹ ‹ ‹ ‹ ‹ ‹ ‹ ‹ ‹ ‹ ‹ ‹ ‹ ‹ ‹ ‹ ‹ ‹ ‹ ‹ ‹ ‹ ‹ ‹ ‹
RAP1GAP ‹ ‹ ‹ ‹ ‹ ‹ ‹ ‹ ‹ ‹ ‹ ‹ ‹ ‹ ‹ ‹ ‹ ‹ ‹ ‹ ‹ ‹ ‹ ‹ ‹ ‹ ‹ ‹ ‹ ‹ ‹ ‹ ‹ ‹ ‹ ‹ ‹ ‹ ‹ ‹ ‹ ‹ ‹ ‹ ‹ ‹ ‹ ‹ ‹ ‹ ‹ ‹ ‹ ‹ ‹ ‹ ‹ ‹ ‹ ‹ ‹ ‹ ‹ ‹ ‹ ‹ ‹ ‹ ‹ ‹ ‹ ‹ ‹ ‹ ‹ ‹ ‹ ‹ ‹ ‹ ‹ ‹ ‹ ‹ ‹ ‹ ‹ ‹ ‹ ‹ ‹ ‹ ‹ ‹ ‹ ‹ ‹ ‹ ‹ ‹ ‹ ‹ ‹ ‹ ‹ ‹ ‹ ‹ ‹ ‹ ‹ ‹ ‹ ‹ ‹ ‹ ‹ ‹ ‹ ‹ ‹ ‹ ‹ ‹ ‹ ‹ ‹ ‹ ‹ ‹ ‹ ‹
RAP1GAP ‹ ‹ ‹ ‹ ‹ ‹ ‹ ‹ ‹ ‹ ‹ ‹ ‹ ‹ ‹ ‹ ‹ ‹ ‹ ‹ ‹ ‹ ‹ ‹ ‹ ‹ ‹ ‹ ‹ ‹ ‹ ‹ ‹ ‹ ‹ ‹ ‹ ‹ ‹ ‹ ‹ ‹ ‹ ‹ ‹ ‹ ‹ ‹ ‹ ‹ ‹ ‹ ‹ ‹ ‹ ‹ ‹ ‹ ‹ ‹ ‹ ‹ ‹ ‹ ‹ ‹ ‹ ‹ ‹ ‹ ‹ ‹ ‹ ‹ ‹ ‹ ‹ ‹ ‹ ‹ ‹ ‹ ‹ ‹ ‹ ‹ ‹ ‹ ‹ ‹ ‹ ‹ ‹ ‹ ‹ ‹ ‹ ‹ ‹ ‹ ‹ ‹ ‹ ‹ ‹ ‹ ‹ ‹ ‹ ‹ ‹ ‹ ‹ ‹ ‹ ‹ ‹ ‹ ‹ ‹ ‹ ‹ ‹ ‹ ‹ ‹ ‹ ‹ ‹ ‹ ‹ ‹
RefSeq genes from NCBI
RefSeq Curated
Publications: Sequences in Scientific Articles
Sequences
SNPs
OMIM Gene Phenotypes - Dark Green Can Be Disease-causing
OMIM Genes
Short Genetic Variants from dbSNP release 155
Common dbSNP(155)
Gene Expression in 54 tissues from GTEx RNA-seq of 17382 samples, 948 donors (V8, Aug 2019)
RAP1GAP
H3K27Ac Mark (Often Found Near Active Regulatory Elements) on 7 cell lines from ENCODE
Layered H3K27Ac
100 vertebrates Basewise Conservation by PhyloP
4.88 _
100 Vert. Cons
-4.5 _
C T G A	G
T A A	T C
Multiz Alignments of 100 Vertebrates
Gaps
Human	C	T	G	A	T	G	T	A	A	T	T	C
Rhesus	C	T	G	A	T	G	T	A	A	T	G	C
Mouse	C	T	G	A	T	A	C	C	A	G	G	C
Dog	C	T	G	A	T	G	T	A	A	T	G	C
Elephant	C	T	G	A	T	G	T	C	A	T	G	C
Chicken	=	=	=	=	=	=	=	=	=	=	=	=
X_tropicalis
Zebrafish
Repeating Elements by RepeatMasker
RepeatMasker
